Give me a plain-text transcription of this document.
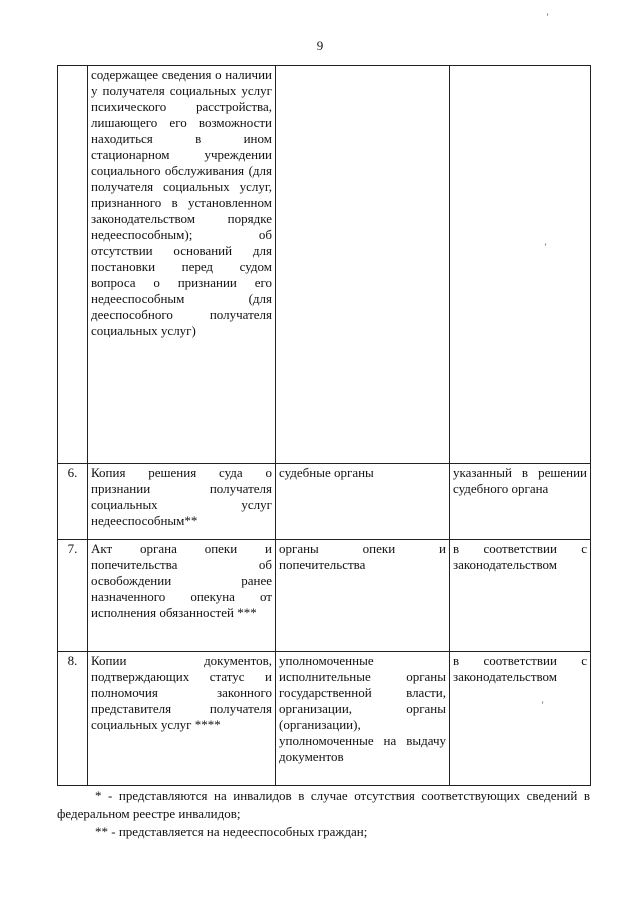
9
	содержащее сведения о наличии у получателя социальных услуг психического расстройства, лишающего его возможности находиться в ином стационарном учреждении социального обслуживания (для получателя социальных услуг, признанного в установленном законодательством порядке недееспособным); об отсутствии оснований для постановки перед судом вопроса о признании его недееспособным (для дееспособного получателя социальных услуг)		
6.	Копия решения суда о признании получателя социальных услуг недееспособным**	судебные органы	указанный в решении судебного органа
7.	Акт органа опеки и попечительства об освобождении ранее назначенного опекуна от исполнения обязанностей ***	органы опеки и попечительства	в соответствии с законодательством
8.	Копии документов, подтверждающих статус и полномочия законного представителя получателя социальных услуг ****	уполномоченные исполнительные органы государственной власти, организации, органы (организации), уполномоченные на выдачу документов	в соответствии с законодательством

* - представляются на инвалидов в случае отсутствия соответствующих сведений в федеральном реестре инвалидов;

** - представляется на недееспособных граждан;

’
’
’
